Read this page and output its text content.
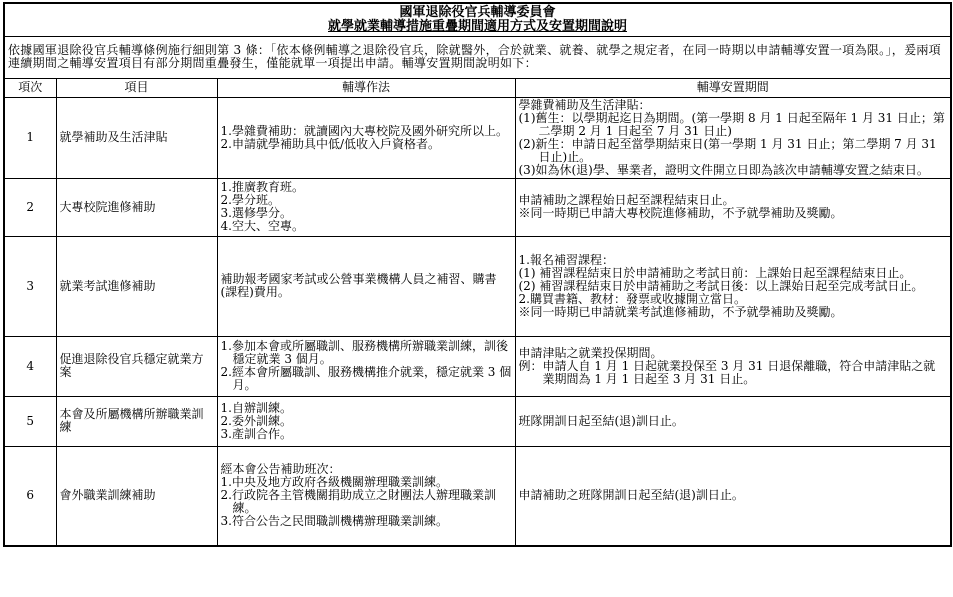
國軍退除役官兵輔導委員會
就學就業輔導措施重疊期間適用方式及安置期間說明			

依據國軍退除役官兵輔導條例施行細則第 3 條：「依本條例輔導之退除役官兵，除就醫外，合於就業、就養、就學之規定者，在同一時期以申請輔導安置一項為限。」，爰兩項連續期間之輔導安置項目有部分期間重疊發生，僅能就單一項提出申請。輔導安置期間說明如下：			
項次	項目	輔導作法	輔導安置期間
1	就學補助及生活津貼	1.學雜費補助：就讀國內大專校院及國外研究所以上。
2.申請就學補助具中低/低收入戶資格者。	學雜費補助及生活津貼：
(1)舊生：以學期起迄日為期間。(第一學期 8 月 1 日起至隔年 1 月 31 日止；第二學期 2 月 1 日起至 7 月 31 日止)
(2)新生：申請日起至當學期結束日(第一學期 1 月 31 日止；第二學期 7 月 31 日止)止。
(3)如為休(退)學、畢業者，證明文件開立日即為該次申請輔導安置之結束日。

2	大專校院進修補助	1.推廣教育班。
2.學分班。
3.選修學分。
4.空大、空專。	申請補助之課程始日起至課程結束日止。
※同一時期已申請大專校院進修補助，不予就學補助及獎勵。

3	就業考試進修補助	補助報考國家考試或公營事業機構人員之補習、購書(課程)費用。	1.報名補習課程：
(1) 補習課程結束日於申請補助之考試日前：上課始日起至課程結束日止。
(2) 補習課程結束日於申請補助之考試日後：以上課始日起至完成考試日止。
2.購買書籍、教材：發票或收據開立當日。
※同一時期已申請就業考試進修補助，不予就學補助及獎勵。

4	促進退除役官兵穩定就業方案	1.參加本會或所屬職訓、服務機構所辦職業訓練，訓後穩定就業 3 個月。
2.經本會所屬職訓、服務機構推介就業，穩定就業 3 個月。	申請津貼之就業投保期間。
例：申請人自 1 月 1 日起就業投保至 3 月 31 日退保離職，符合申請津貼之就業期間為 1 月 1 日起至 3 月 31 日止。

5	本會及所屬機構所辦職業訓練	1.自辦訓練。
2.委外訓練。
3.產訓合作。	班隊開訓日起至結(退)訓日止。

6	會外職業訓練補助	經本會公告補助班次：
1.中央及地方政府各級機關辦理職業訓練。
2.行政院各主管機關捐助成立之財團法人辦理職業訓練。
3.符合公告之民間職訓機構辦理職業訓練。	申請補助之班隊開訓日起至結(退)訓日止。
